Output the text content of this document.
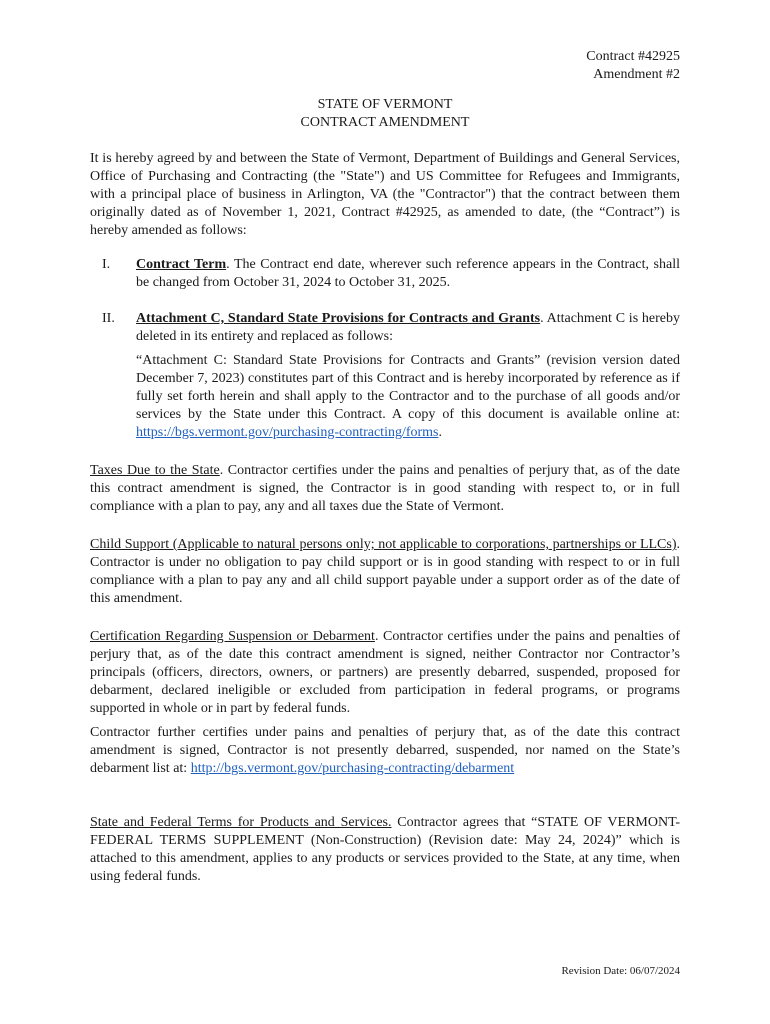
Contract #42925
Amendment #2
STATE OF VERMONT
CONTRACT AMENDMENT

It is hereby agreed by and between the State of Vermont, Department of Buildings and General Services, Office of Purchasing and Contracting (the "State") and US Committee for Refugees and Immigrants, with a principal place of business in Arlington, VA (the "Contractor") that the contract between them originally dated as of November 1, 2021, Contract #42925, as amended to date, (the “Contract”) is hereby amended as follows:

I.	Contract Term. The Contract end date, wherever such reference appears in the Contract, shall be changed from October 31, 2024 to October 31, 2025.

II.	Attachment C, Standard State Provisions for Contracts and Grants. Attachment C is hereby deleted in its entirety and replaced as follows:

“Attachment C: Standard State Provisions for Contracts and Grants” (revision version dated December 7, 2023) constitutes part of this Contract and is hereby incorporated by reference as if fully set forth herein and shall apply to the Contractor and to the purchase of all goods and/or services by the State under this Contract. A copy of this document is available online at: https://bgs.vermont.gov/purchasing-contracting/forms.

Taxes Due to the State. Contractor certifies under the pains and penalties of perjury that, as of the date this contract amendment is signed, the Contractor is in good standing with respect to, or in full compliance with a plan to pay, any and all taxes due the State of Vermont.

Child Support (Applicable to natural persons only; not applicable to corporations, partnerships or LLCs). Contractor is under no obligation to pay child support or is in good standing with respect to or in full compliance with a plan to pay any and all child support payable under a support order as of the date of this amendment.

Certification Regarding Suspension or Debarment. Contractor certifies under the pains and penalties of perjury that, as of the date this contract amendment is signed, neither Contractor nor Contractor’s principals (officers, directors, owners, or partners) are presently debarred, suspended, proposed for debarment, declared ineligible or excluded from participation in federal programs, or programs supported in whole or in part by federal funds.

Contractor further certifies under pains and penalties of perjury that, as of the date this contract amendment is signed, Contractor is not presently debarred, suspended, nor named on the State’s debarment list at: http://bgs.vermont.gov/purchasing-contracting/debarment

State and Federal Terms for Products and Services. Contractor agrees that “STATE OF VERMONT- FEDERAL TERMS SUPPLEMENT (Non-Construction) (Revision date: May 24, 2024)” which is attached to this amendment, applies to any products or services provided to the State, at any time, when using federal funds.

Revision Date: 06/07/2024
